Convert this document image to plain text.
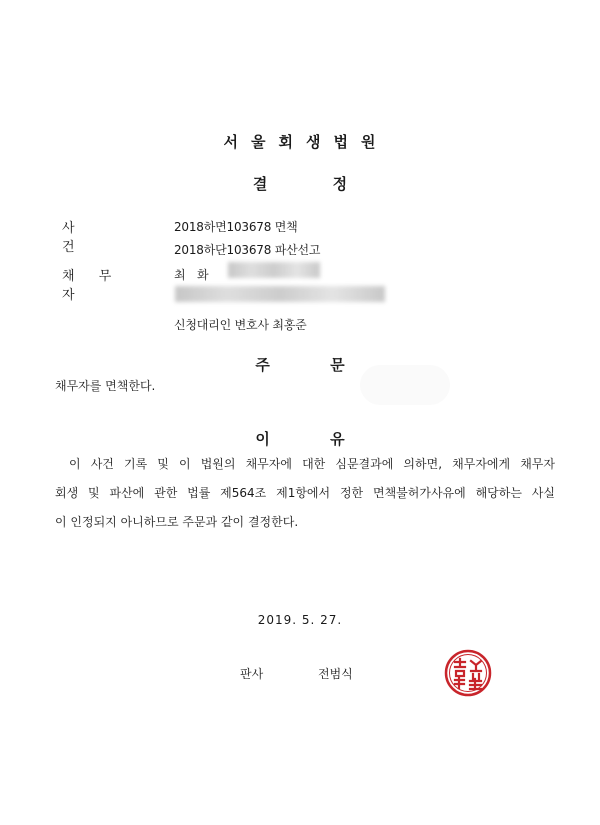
서울회생법원
결 정
사 건
2018하면103678 면책
2018하단103678 파산선고
채 무 자
최 화
신청대리인 변호사 최홍준
주 문
채무자를 면책한다.
이 유
이 사건 기록 및 이 법원의 채무자에 대한 심문결과에 의하면, 채무자에게 채무자
회생 및 파산에 관한 법률 제564조 제1항에서 정한 면책불허가사유에 해당하는 사실
이 인정되지 아니하므로 주문과 같이 결정한다.
2019. 5. 27.
판사	전범식
